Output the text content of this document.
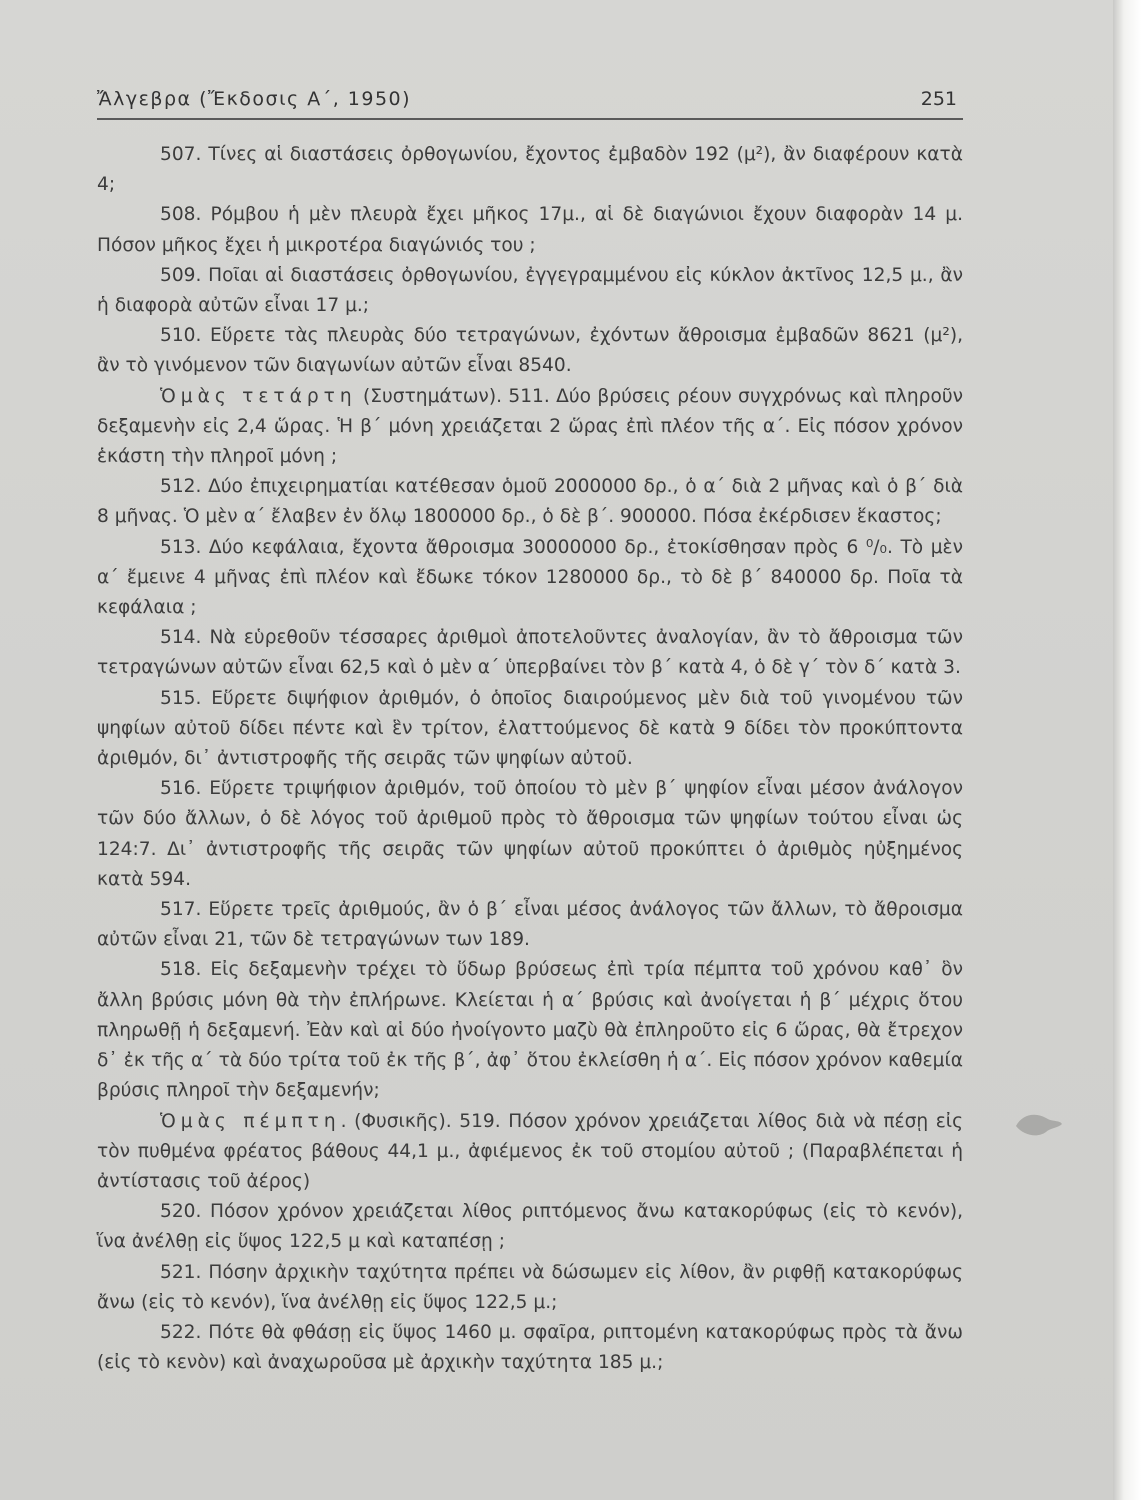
Ἄλγεβρα (Ἔκδοσις Α΄, 1950)	251

507. Τίνες αἱ διαστάσεις ὀρθογωνίου, ἔχοντος ἐμβαδὸν 192 (μ²), ἂν διαφέρουν κατὰ 4;

508. Ρόμβου ἡ μὲν πλευρὰ ἔχει μῆκος 17μ., αἱ δὲ διαγώνιοι ἔχουν διαφορὰν 14 μ. Πόσον μῆκος ἔχει ἡ μικροτέρα διαγώνιός του ;

509. Ποῖαι αἱ διαστάσεις ὀρθογωνίου, ἐγγεγραμμένου εἰς κύκλον ἀκτῖνος 12,5 μ., ἂν ἡ διαφορὰ αὐτῶν εἶναι 17 μ.;

510. Εὕρετε τὰς πλευρὰς δύο τετραγώνων, ἐχόντων ἄθροισμα ἐμβαδῶν 8621 (μ²), ἂν τὸ γινόμενον τῶν διαγωνίων αὐτῶν εἶναι 8540.

Ὁμὰς τετάρτη (Συστημάτων). 511. Δύο βρύσεις ρέουν συγχρόνως καὶ πληροῦν δεξαμενὴν εἰς 2,4 ὥρας. Ἡ β΄ μόνη χρειάζεται 2 ὥρας ἐπὶ πλέον τῆς α΄. Εἰς πόσον χρόνον ἑκάστη τὴν πληροῖ μόνη ;

512. Δύο ἐπιχειρηματίαι κατέθεσαν ὁμοῦ 2000000 δρ., ὁ α΄ διὰ 2 μῆνας καὶ ὁ β΄ διὰ 8 μῆνας. Ὁ μὲν α΄ ἔλαβεν ἐν ὅλῳ 1800000 δρ., ὁ δὲ β΄. 900000. Πόσα ἐκέρδισεν ἕκαστος;

513. Δύο κεφάλαια, ἔχοντα ἄθροισμα 30000000 δρ., ἐτοκίσθησαν πρὸς 6 ⁰/₀. Τὸ μὲν α΄ ἔμεινε 4 μῆνας ἐπὶ πλέον καὶ ἔδωκε τόκον 1280000 δρ., τὸ δὲ β΄ 840000 δρ. Ποῖα τὰ κεφάλαια ;

514. Νὰ εὑρεθοῦν τέσσαρες ἀριθμοὶ ἀποτελοῦντες ἀναλογίαν, ἂν τὸ ἄθροισμα τῶν τετραγώνων αὐτῶν εἶναι 62,5 καὶ ὁ μὲν α΄ ὑπερβαίνει τὸν β΄ κατὰ 4, ὁ δὲ γ΄ τὸν δ΄ κατὰ 3.

515. Εὕρετε διψήφιον ἀριθμόν, ὁ ὁποῖος διαιρούμενος μὲν διὰ τοῦ γινομένου τῶν ψηφίων αὐτοῦ δίδει πέντε καὶ ἓν τρίτον, ἐλαττούμενος δὲ κατὰ 9 δίδει τὸν προκύπτοντα ἀριθμόν, δι᾽ ἀντιστροφῆς τῆς σειρᾶς τῶν ψηφίων αὐτοῦ.

516. Εὕρετε τριψήφιον ἀριθμόν, τοῦ ὁποίου τὸ μὲν β΄ ψηφίον εἶναι μέσον ἀνάλογον τῶν δύο ἄλλων, ὁ δὲ λόγος τοῦ ἀριθμοῦ πρὸς τὸ ἄθροισμα τῶν ψηφίων τούτου εἶναι ὡς 124:7. Δι᾽ ἀντιστροφῆς τῆς σειρᾶς τῶν ψηφίων αὐτοῦ προκύπτει ὁ ἀριθμὸς ηὐξημένος κατὰ 594.

517. Εὕρετε τρεῖς ἀριθμούς, ἂν ὁ β΄ εἶναι μέσος ἀνάλογος τῶν ἄλλων, τὸ ἄθροισμα αὐτῶν εἶναι 21, τῶν δὲ τετραγώνων των 189.

518. Εἰς δεξαμενὴν τρέχει τὸ ὕδωρ βρύσεως ἐπὶ τρία πέμπτα τοῦ χρόνου καθ᾽ ὃν ἄλλη βρύσις μόνη θὰ τὴν ἐπλήρωνε. Κλείεται ἡ α΄ βρύσις καὶ ἀνοίγεται ἡ β΄ μέχρις ὅτου πληρωθῇ ἡ δεξαμενή. Ἐὰν καὶ αἱ δύο ἠνοίγοντο μαζὺ θὰ ἐπληροῦτο εἰς 6 ὥρας, θὰ ἔτρεχον δ᾽ ἐκ τῆς α΄ τὰ δύο τρίτα τοῦ ἐκ τῆς β΄, ἀφ᾽ ὅτου ἐκλείσθη ἡ α΄. Εἰς πόσον χρόνον καθεμία βρύσις πληροῖ τὴν δεξαμενήν;

Ὁμὰς πέμπτη. (Φυσικῆς). 519. Πόσον χρόνον χρειάζεται λίθος διὰ νὰ πέσῃ εἰς τὸν πυθμένα φρέατος βάθους 44,1 μ., ἀφιέμενος ἐκ τοῦ στομίου αὐτοῦ ; (Παραβλέπεται ἡ ἀντίστασις τοῦ ἀέρος)

520. Πόσον χρόνον χρειάζεται λίθος ριπτόμενος ἄνω κατακορύφως (εἰς τὸ κενόν), ἵνα ἀνέλθῃ εἰς ὕψος 122,5 μ καὶ καταπέσῃ ;

521. Πόσην ἀρχικὴν ταχύτητα πρέπει νὰ δώσωμεν εἰς λίθον, ἂν ριφθῇ κατακορύφως ἄνω (εἰς τὸ κενόν), ἵνα ἀνέλθῃ εἰς ὕψος 122,5 μ.;

522. Πότε θὰ φθάσῃ εἰς ὕψος 1460 μ. σφαῖρα, ριπτομένη κατακορύφως πρὸς τὰ ἄνω (εἰς τὸ κενὸν) καὶ ἀναχωροῦσα μὲ ἀρχικὴν ταχύτητα 185 μ.;
